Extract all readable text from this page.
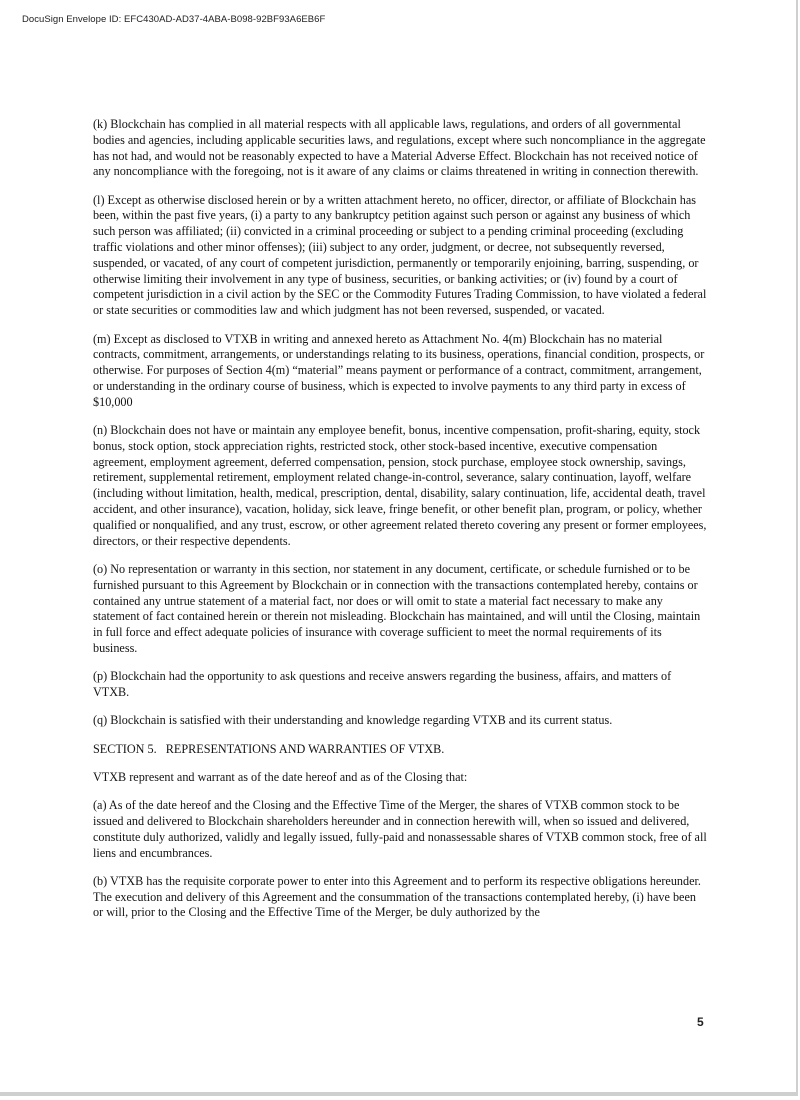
DocuSign Envelope ID: EFC430AD-AD37-4ABA-B098-92BF93A6EB6F

(k) Blockchain has complied in all material respects with all applicable laws, regulations, and orders of all governmental bodies and agencies, including applicable securities laws, and regulations, except where such noncompliance in the aggregate has not had, and would not be reasonably expected to have a Material Adverse Effect. Blockchain has not received notice of any noncompliance with the foregoing, not is it aware of any claims or claims threatened in writing in connection therewith.

(l) Except as otherwise disclosed herein or by a written attachment hereto, no officer, director, or affiliate of Blockchain has been, within the past five years, (i) a party to any bankruptcy petition against such person or against any business of which such person was affiliated; (ii) convicted in a criminal proceeding or subject to a pending criminal proceeding (excluding traffic violations and other minor offenses); (iii) subject to any order, judgment, or decree, not subsequently reversed, suspended, or vacated, of any court of competent jurisdiction, permanently or temporarily enjoining, barring, suspending, or otherwise limiting their involvement in any type of business, securities, or banking activities; or (iv) found by a court of competent jurisdiction in a civil action by the SEC or the Commodity Futures Trading Commission, to have violated a federal or state securities or commodities law and which judgment has not been reversed, suspended, or vacated.

(m) Except as disclosed to VTXB in writing and annexed hereto as Attachment No. 4(m) Blockchain has no material contracts, commitment, arrangements, or understandings relating to its business, operations, financial condition, prospects, or otherwise. For purposes of Section 4(m) “material” means payment or performance of a contract, commitment, arrangement, or understanding in the ordinary course of business, which is expected to involve payments to any third party in excess of $10,000

(n) Blockchain does not have or maintain any employee benefit, bonus, incentive compensation, profit-sharing, equity, stock bonus, stock option, stock appreciation rights, restricted stock, other stock-based incentive, executive compensation agreement, employment agreement, deferred compensation, pension, stock purchase, employee stock ownership, savings, retirement, supplemental retirement, employment related change-in-control, severance, salary continuation, layoff, welfare (including without limitation, health, medical, prescription, dental, disability, salary continuation, life, accidental death, travel accident, and other insurance), vacation, holiday, sick leave, fringe benefit, or other benefit plan, program, or policy, whether qualified or nonqualified, and any trust, escrow, or other agreement related thereto covering any present or former employees, directors, or their respective dependents.

(o) No representation or warranty in this section, nor statement in any document, certificate, or schedule furnished or to be furnished pursuant to this Agreement by Blockchain or in connection with the transactions contemplated hereby, contains or contained any untrue statement of a material fact, nor does or will omit to state a material fact necessary to make any statement of fact contained herein or therein not misleading. Blockchain has maintained, and will until the Closing, maintain in full force and effect adequate policies of insurance with coverage sufficient to meet the normal requirements of its business.

(p) Blockchain had the opportunity to ask questions and receive answers regarding the business, affairs, and matters of VTXB.

(q) Blockchain is satisfied with their understanding and knowledge regarding VTXB and its current status.

SECTION 5.   REPRESENTATIONS AND WARRANTIES OF VTXB.

VTXB represent and warrant as of the date hereof and as of the Closing that:

(a) As of the date hereof and the Closing and the Effective Time of the Merger, the shares of VTXB common stock to be issued and delivered to Blockchain shareholders hereunder and in connection herewith will, when so issued and delivered, constitute duly authorized, validly and legally issued, fully-paid and nonassessable shares of VTXB common stock, free of all liens and encumbrances.

(b) VTXB has the requisite corporate power to enter into this Agreement and to perform its respective obligations hereunder. The execution and delivery of this Agreement and the consummation of the transactions contemplated hereby, (i) have been or will, prior to the Closing and the Effective Time of the Merger, be duly authorized by the

5
